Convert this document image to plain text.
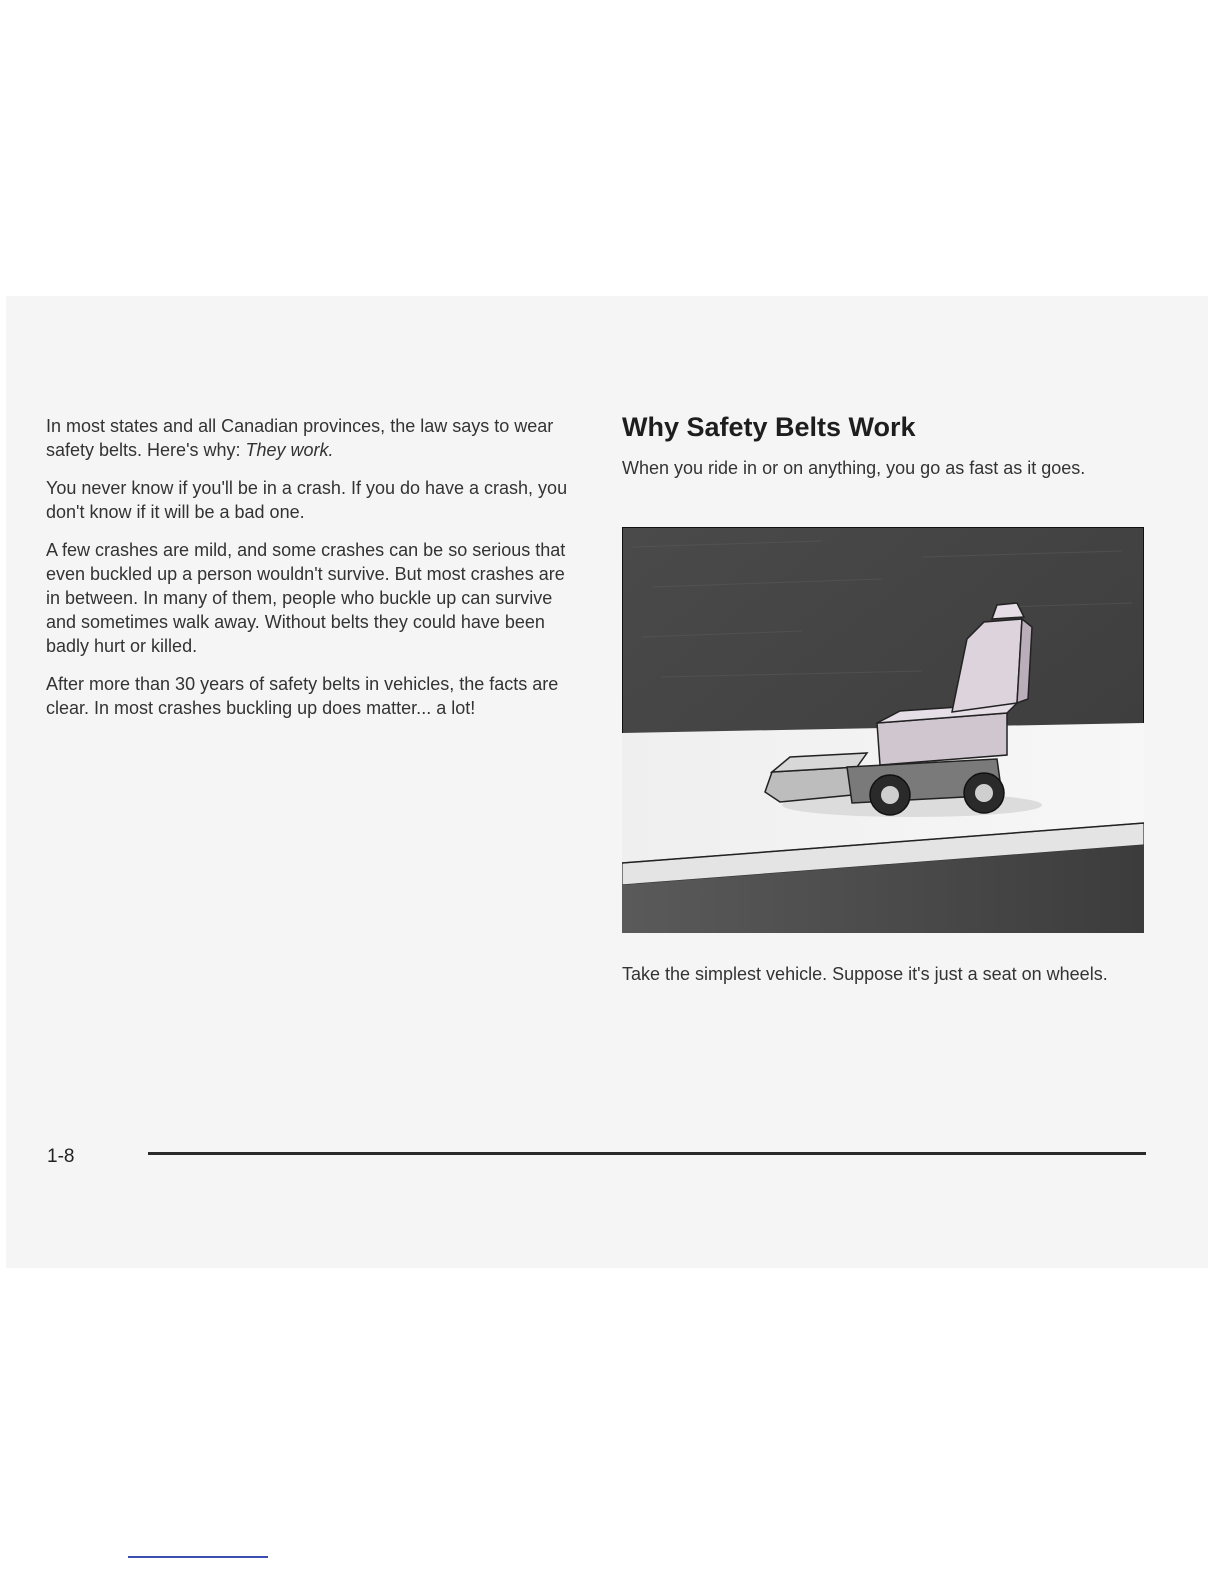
In most states and all Canadian provinces, the law says to wear safety belts. Here's why: They work.

You never know if you'll be in a crash. If you do have a crash, you don't know if it will be a bad one.

A few crashes are mild, and some crashes can be so serious that even buckled up a person wouldn't survive. But most crashes are in between. In many of them, people who buckle up can survive and sometimes walk away. Without belts they could have been badly hurt or killed.

After more than 30 years of safety belts in vehicles, the facts are clear. In most crashes buckling up does matter... a lot!

Why Safety Belts Work

When you ride in or on anything, you go as fast as it goes.

Take the simplest vehicle. Suppose it's just a seat on wheels.

1-8
